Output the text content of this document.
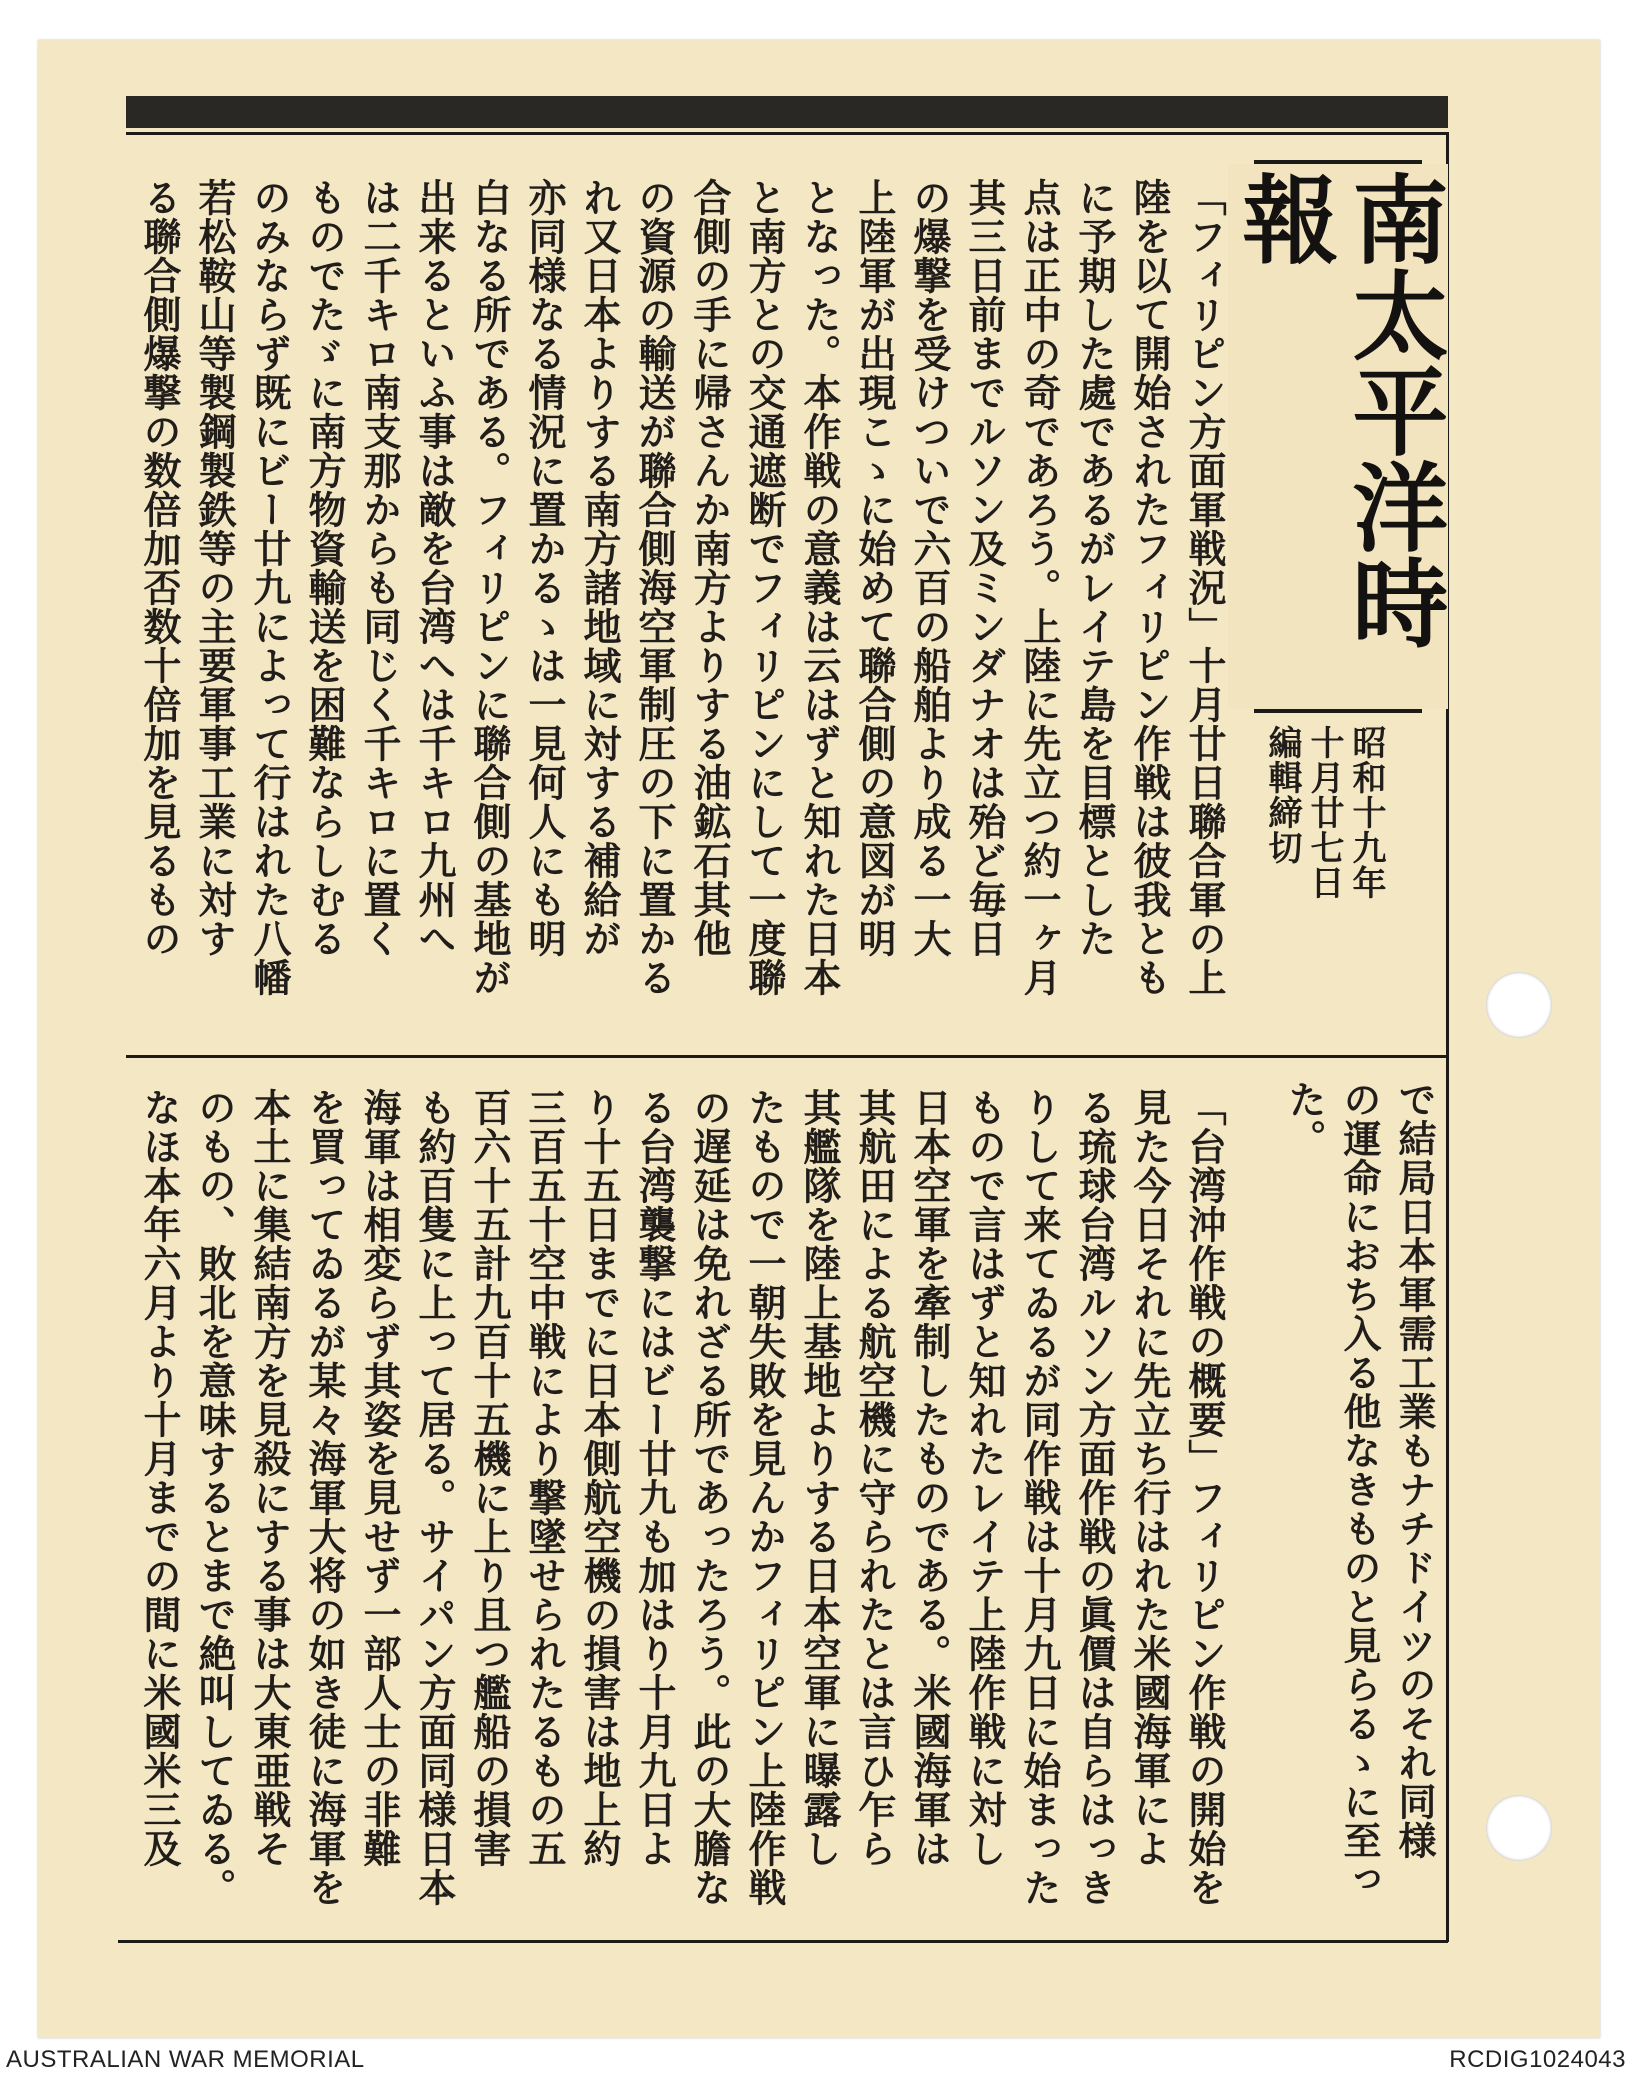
南太平洋時報
昭和十九年
十月廿七日
編輯締切
「フィリピン方面軍戦況」十月廿日聯合軍の上
陸を以て開始されたフィリピン作戦は彼我とも
に予期した處であるがレイテ島を目標とした
点は正中の奇であろう。上陸に先立つ約一ヶ月
其三日前までルソン及ミンダナオは殆ど毎日
の爆撃を受けついで六百の船舶より成る一大
上陸軍が出現こゝに始めて聯合側の意図が明
となった。本作戦の意義は云はずと知れた日本
と南方との交通遮断でフィリピンにして一度聯
合側の手に帰さんか南方よりする油鉱石其他
の資源の輸送が聯合側海空軍制圧の下に置かる
れ又日本よりする南方諸地域に対する補給が
亦同様なる情況に置かるゝは一見何人にも明
白なる所である。フィリピンに聯合側の基地が
出来るといふ事は敵を台湾へは千キロ九州へ
は二千キロ南支那からも同じく千キロに置く
ものでたゞに南方物資輸送を困難ならしむる
のみならず既にビー廿九によって行はれた八幡
若松鞍山等製鋼製鉄等の主要軍事工業に対す
る聯合側爆撃の数倍加否数十倍加を見るもの
で結局日本軍需工業もナチドイツのそれ同様
の運命におち入る他なきものと見らるゝに至っ
た。
「台湾沖作戦の概要」フィリピン作戦の開始を
見た今日それに先立ち行はれた米國海軍によ
る琉球台湾ルソン方面作戦の眞價は自らはっき
りして来てゐるが同作戦は十月九日に始まった
もので言はずと知れたレイテ上陸作戦に対し
日本空軍を牽制したものである。米國海軍は
其航田による航空機に守られたとは言ひ乍ら
其艦隊を陸上基地よりする日本空軍に曝露し
たもので一朝失敗を見んかフィリピン上陸作戦
の遅延は免れざる所であったろう。此の大膽な
る台湾襲撃にはビー廿九も加はり十月九日よ
り十五日までに日本側航空機の損害は地上約
三百五十空中戦により撃墜せられたるもの五
百六十五計九百十五機に上り且つ艦船の損害
も約百隻に上って居る。サイパン方面同様日本
海軍は相変らず其姿を見せず一部人士の非難
を買ってゐるが某々海軍大将の如き徒に海軍を
本土に集結南方を見殺にする事は大東亜戦そ
のもの、敗北を意味するとまで絶叫してゐる。
なほ本年六月より十月までの間に米國米三及
AUSTRALIAN WAR MEMORIAL	RCDIG1024043
